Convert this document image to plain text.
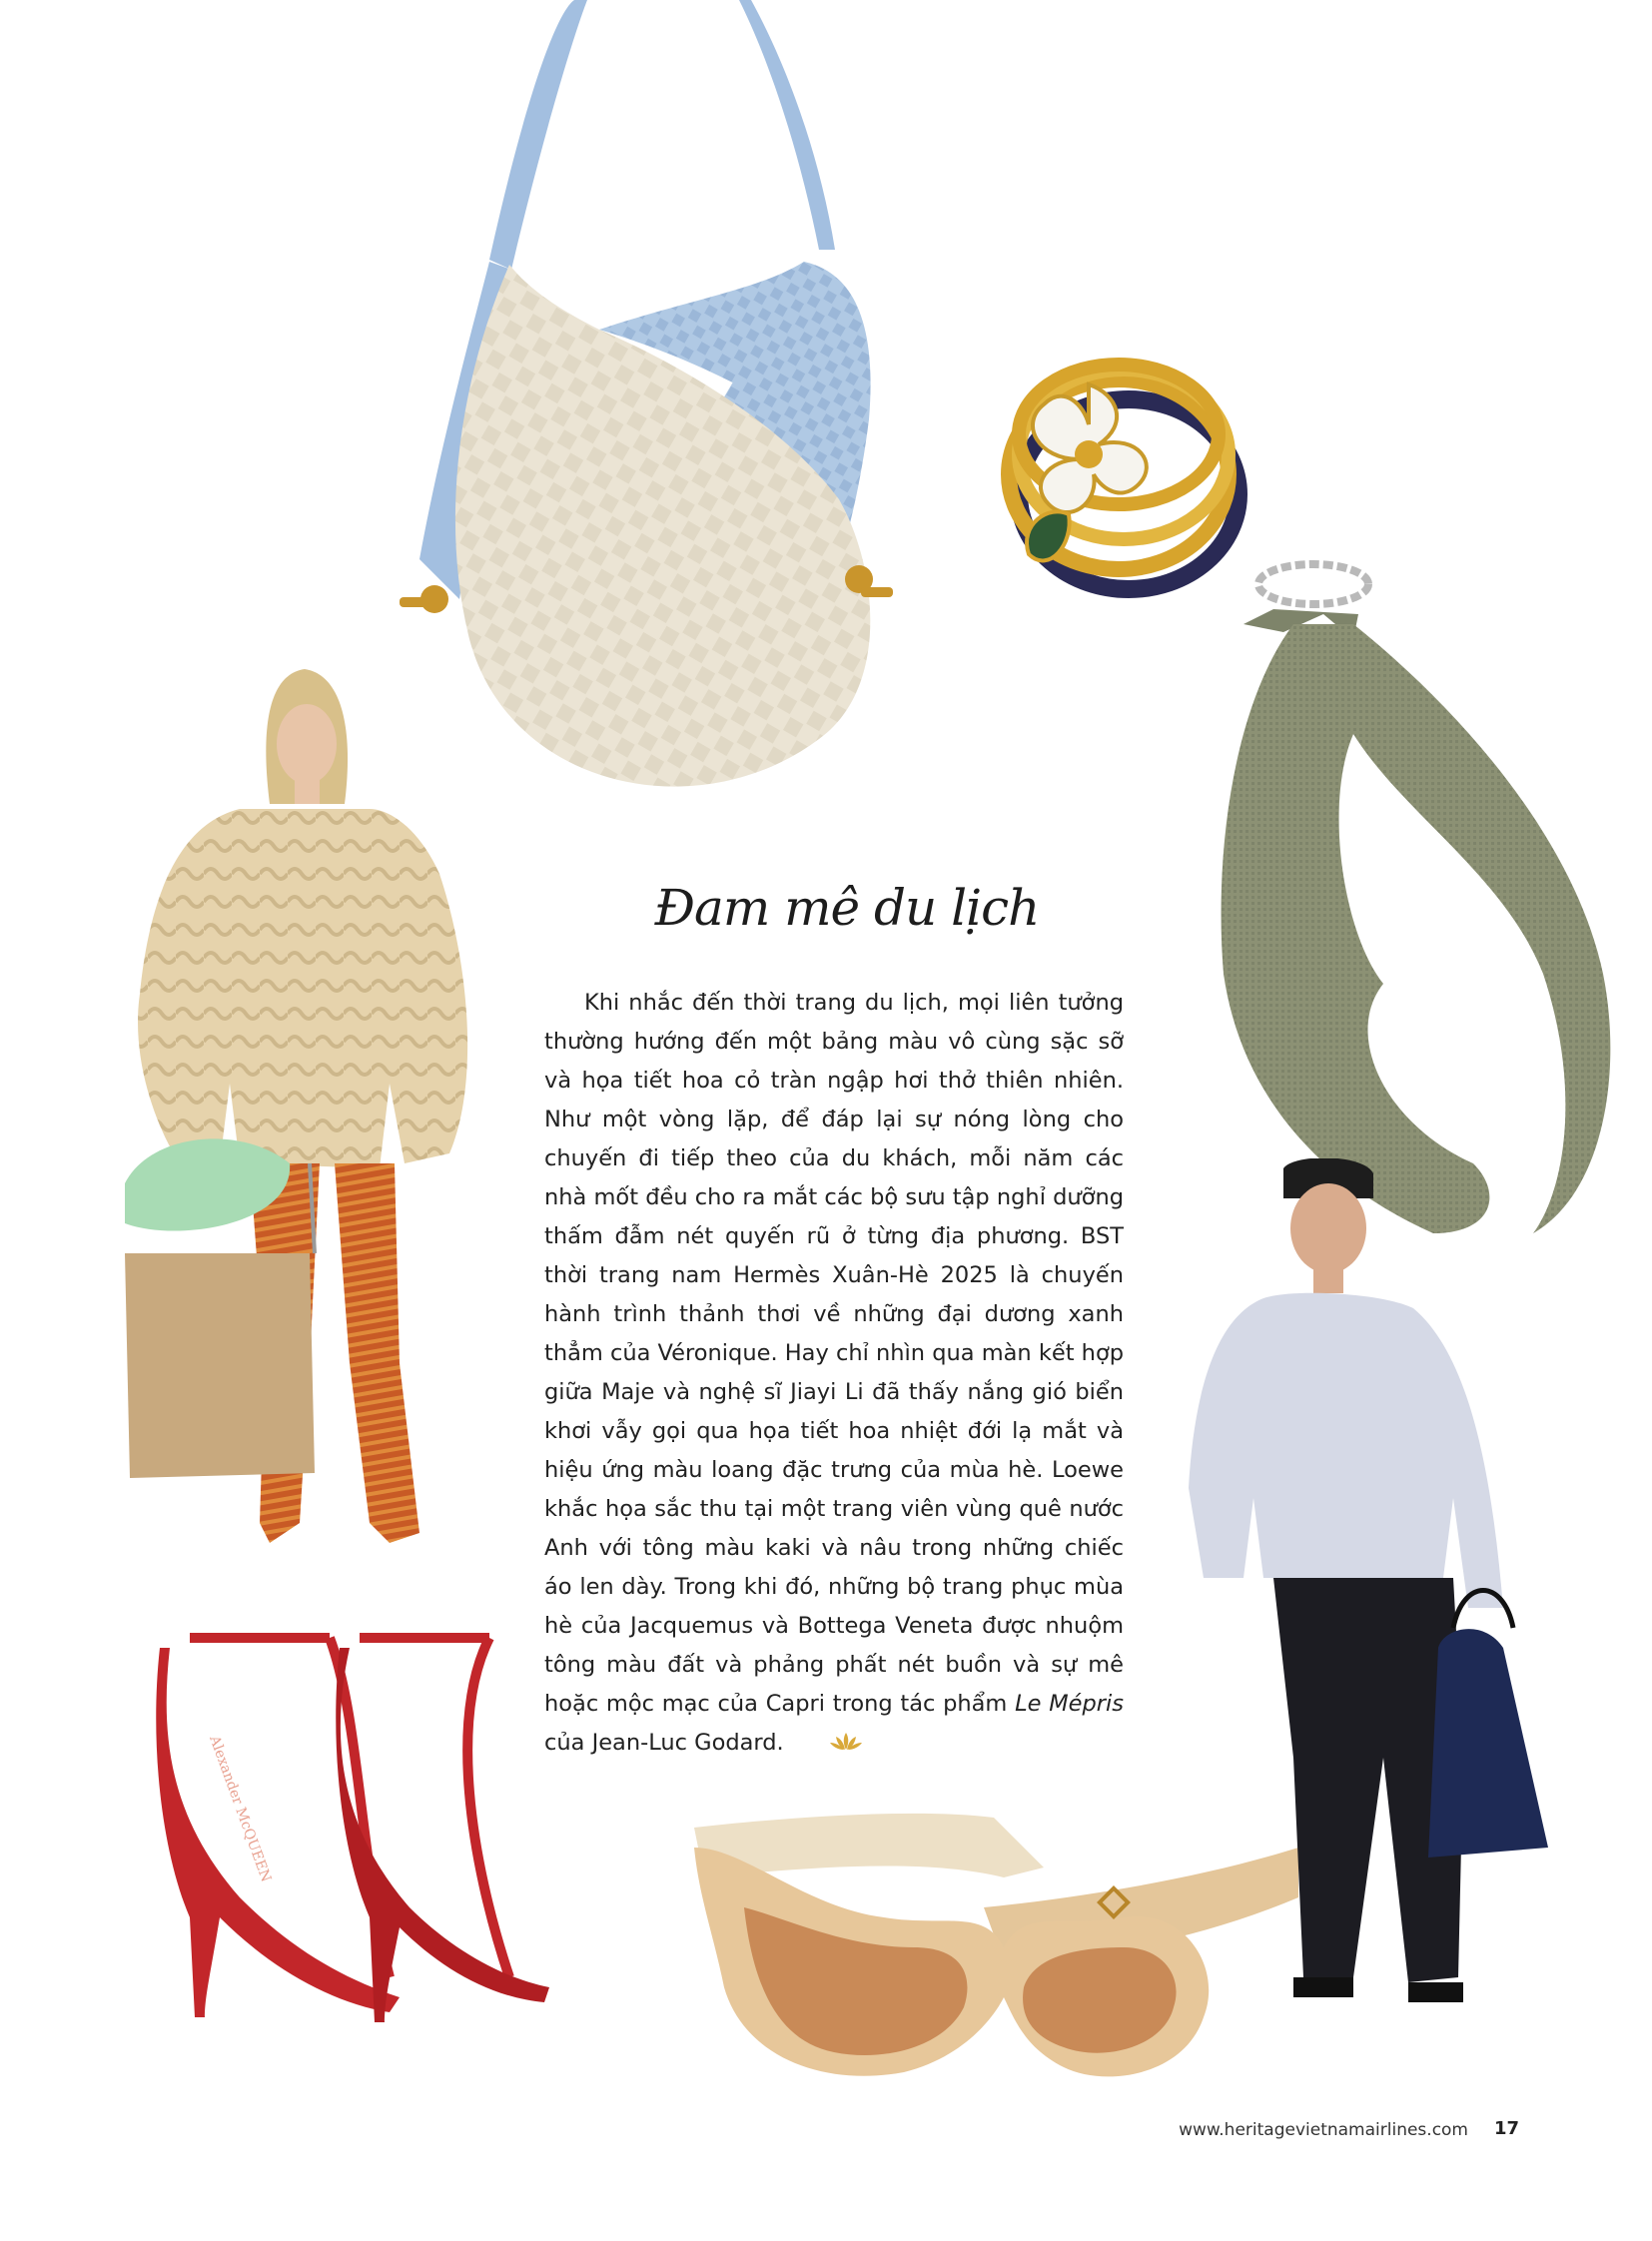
Alexander McQUEEN
Đam mê du lịch

Khi nhắc đến thời trang du lịch, mọi liên tưởng thường hướng đến một bảng màu vô cùng sặc sỡ và họa tiết hoa cỏ tràn ngập hơi thở thiên nhiên. Như một vòng lặp, để đáp lại sự nóng lòng cho chuyến đi tiếp theo của du khách, mỗi năm các nhà mốt đều cho ra mắt các bộ sưu tập nghỉ dưỡng thấm đẫm nét quyến rũ ở từng địa phương. BST thời trang nam Hermès Xuân-Hè 2025 là chuyến hành trình thảnh thơi về những đại dương xanh thẳm của Véronique. Hay chỉ nhìn qua màn kết hợp giữa Maje và nghệ sĩ Jiayi Li đã thấy nắng gió biển khơi vẫy gọi qua họa tiết hoa nhiệt đới lạ mắt và hiệu ứng màu loang đặc trưng của mùa hè. Loewe khắc họa sắc thu tại một trang viên vùng quê nước Anh với tông màu kaki và nâu trong những chiếc áo len dày. Trong khi đó, những bộ trang phục mùa hè của Jacquemus và Bottega Veneta được nhuộm tông màu đất và phảng phất nét buồn và sự mê hoặc mộc mạc của Capri trong tác phẩm Le Mépris của Jean-Luc Godard.

www.heritagevietnamairlines.com 17
